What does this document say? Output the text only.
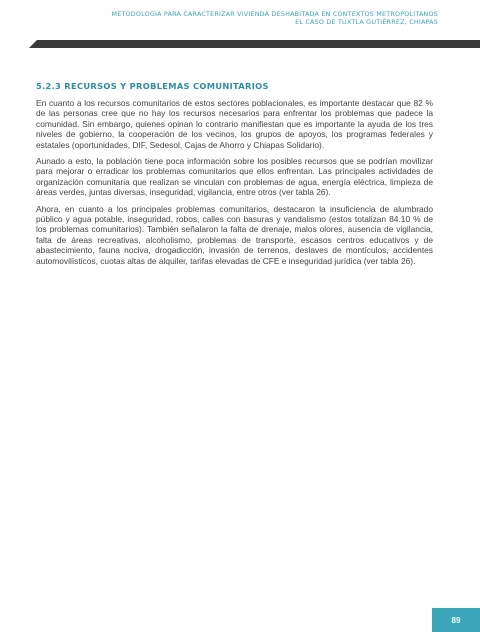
METODOLOGÍA PARA CARACTERIZAR VIVIENDA DESHABITADA EN CONTEXTOS METROPOLITANOS
EL CASO DE TUXTLA GUTIÉRREZ, CHIAPAS
5.2.3 RECURSOS Y PROBLEMAS COMUNITARIOS

En cuanto a los recursos comunitarios de estos sectores poblacionales, es importante destacar que 82 % de las personas cree que no hay los recursos necesarios para enfrentar los problemas que padece la comunidad. Sin embargo, quienes opinan lo contrario manifiestan que es importante la ayuda de los tres niveles de gobierno, la cooperación de los vecinos, los grupos de apoyos, los programas federales y estatales (oportunidades, DIF, Sedesol, Cajas de Ahorro y Chiapas Solidario).

Aunado a esto, la población tiene poca información sobre los posibles recursos que se podrían movilizar para mejorar o erradicar los problemas comunitarios que ellos enfrentan. Las principales actividades de organización comunitaria que realizan se vinculan con problemas de agua, energía eléctrica, limpieza de áreas verdes, juntas diversas, inseguridad, vigilancia, entre otros (ver tabla 26).

Ahora, en cuanto a los principales problemas comunitarios, destacaron la insuficiencia de alumbrado público y agua potable, inseguridad, robos, calles con basuras y vandalismo (estos totalizan 84.10 % de los problemas comunitarios). También señalaron la falta de drenaje, malos olores, ausencia de vigilancia, falta de áreas recreativas, alcoholismo, problemas de transporte, escasos centros educativos y de abastecimiento, fauna nociva, drogadicción, invasión de terrenos, deslaves de montículos, accidentes automovilísticos, cuotas altas de alquiler, tarifas elevadas de CFE e inseguridad jurídica (ver tabla 26).

89
